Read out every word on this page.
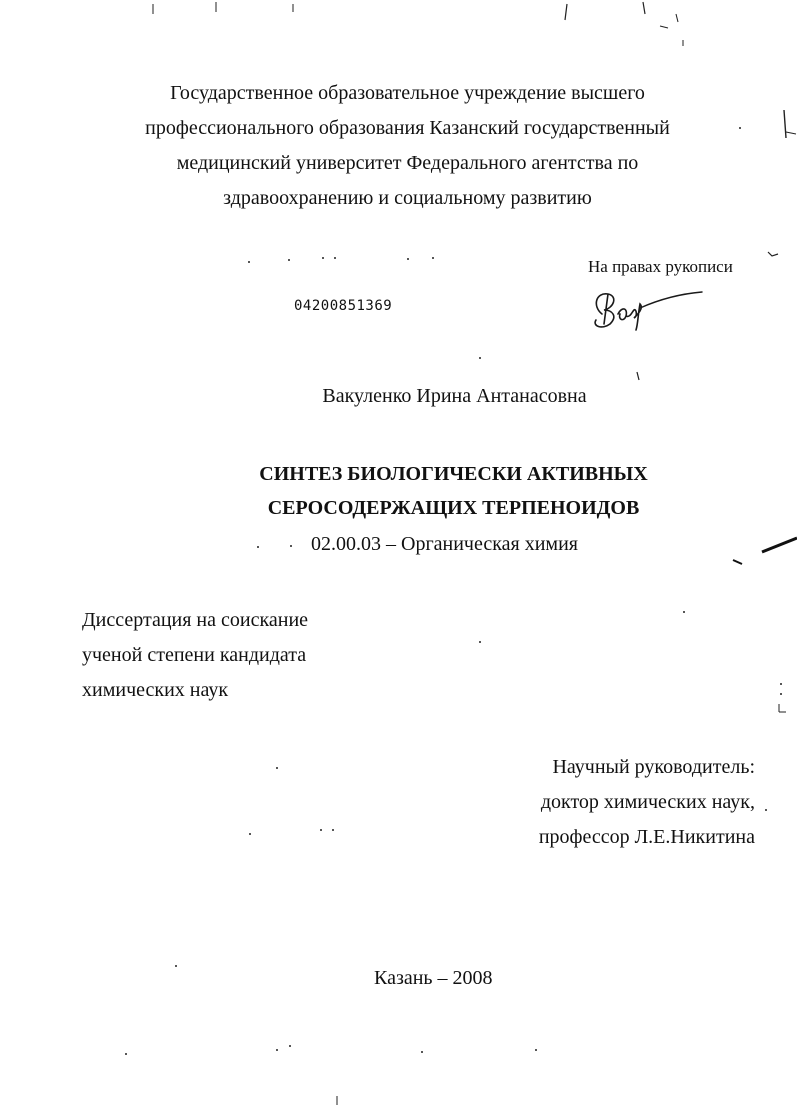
Государственное образовательное учреждение высшего
профессионального образования Казанский государственный
медицинский университет Федерального агентства по
здравоохранению и социальному развитию
На правах рукописи
04200851369
Вакуленко Ирина Антанасовна
СИНТЕЗ БИОЛОГИЧЕСКИ АКТИВНЫХ
СЕРОСОДЕРЖАЩИХ ТЕРПЕНОИДОВ
02.00.03 – Органическая химия
Диссертация на соискание
ученой степени кандидата
химических наук
Научный руководитель:
доктор химических наук,
профессор Л.Е.Никитина
Казань – 2008
